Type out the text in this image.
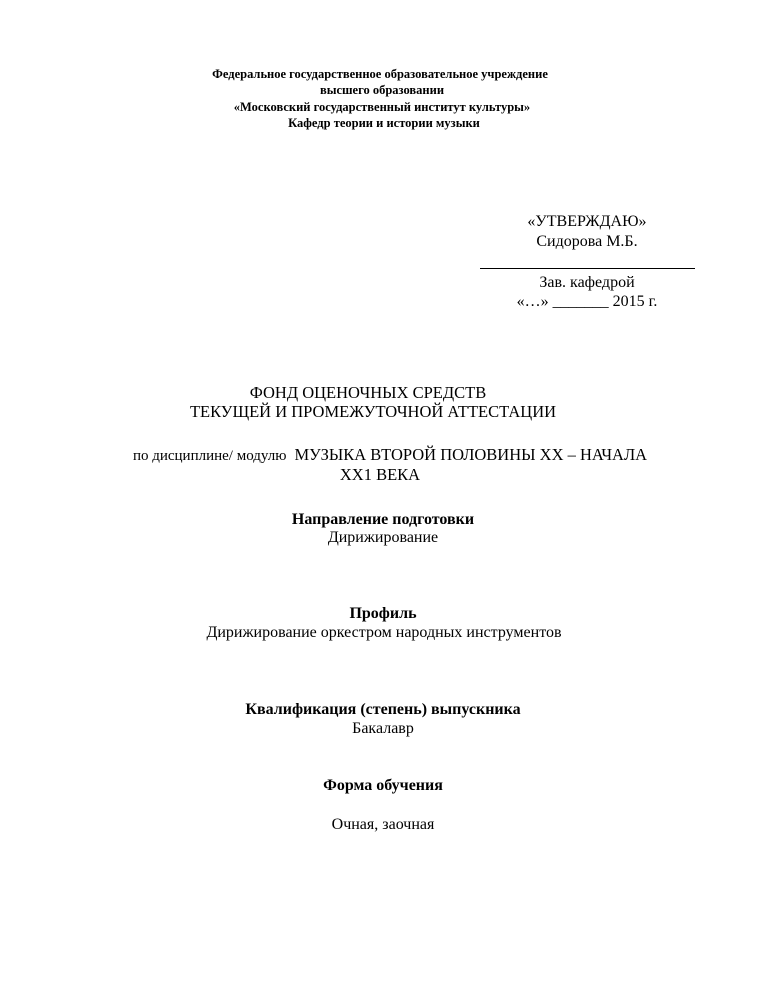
Федеральное государственное образовательное учреждение
высшего образовании
«Московский государственный институт культуры»
Кафедр теории и истории музыки
«УТВЕРЖДАЮ»
Сидорова М.Б.
Зав. кафедрой
«…» _______ 2015 г.
ФОНД ОЦЕНОЧНЫХ СРЕДСТВ
ТЕКУЩЕЙ И ПРОМЕЖУТОЧНОЙ АТТЕСТАЦИИ
по дисциплине/ модулю МУЗЫКА ВТОРОЙ ПОЛОВИНЫ XX – НАЧАЛА
XX1 ВЕКА
Направление подготовки
Дирижирование
Профиль
Дирижирование оркестром народных инструментов
Квалификация (степень) выпускника
Бакалавр
Форма обучения
Очная, заочная
